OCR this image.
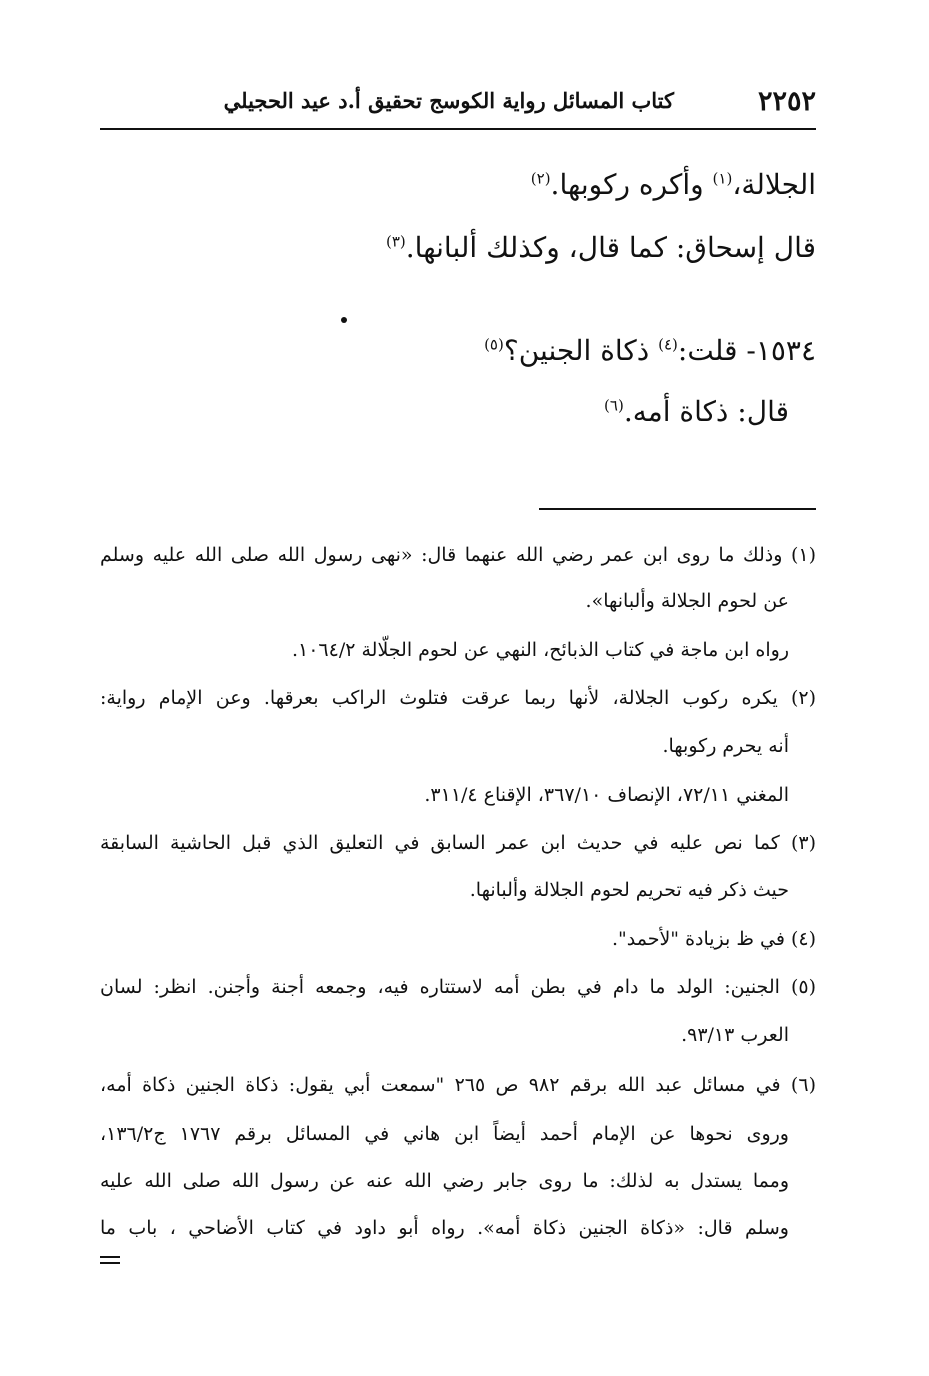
٢٢٥٢
كتاب المسائل رواية الكوسج تحقيق أ.د عيد الحجيلي
الجلالة،$^{(١)}$ وأكره ركوبها.$^{(٢)}$
قال إسحاق: كما قال، وكذلك ألبانها.$^{(٣)}$
١٥٣٤- قلت:$^{(٤)}$ ذكاة الجنين؟$^{(٥)}$
قال: ذكاة أمه.$^{(٦)}$
(١) وذلك ما روى ابن عمر رضي الله عنهما قال: «نهى رسول الله صلى الله عليه وسلم
عن لحوم الجلالة وألبانها».
رواه ابن ماجة في كتاب الذبائح، النهي عن لحوم الجلّالة ١٠٦٤/٢.
(٢) يكره ركوب الجلالة، لأنها ربما عرقت فتلوث الراكب بعرقها. وعن الإمام رواية:
أنه يحرم ركوبها.
المغني ٧٢/١١، الإنصاف ٣٦٧/١٠، الإقناع ٣١١/٤.
(٣) كما نص عليه في حديث ابن عمر السابق في التعليق الذي قبل الحاشية السابقة
حيث ذكر فيه تحريم لحوم الجلالة وألبانها.
(٤) في ظ بزيادة "لأحمد".
(٥) الجنين: الولد ما دام في بطن أمه لاستتاره فيه، وجمعه أجنة وأجنن. انظر: لسان
العرب ٩٣/١٣.
(٦) في مسائل عبد الله برقم ٩٨٢ ص ٢٦٥ "سمعت أبي يقول: ذكاة الجنين ذكاة أمه،
وروى نحوها عن الإمام أحمد أيضاً ابن هاني في المسائل برقم ١٧٦٧ ج١٣٦/٢،
ومما يستدل به لذلك: ما روى جابر رضي الله عنه عن رسول الله صلى الله عليه
وسلم قال: «ذكاة الجنين ذكاة أمه». رواه أبو داود في كتاب الأضاحي ، باب ما
